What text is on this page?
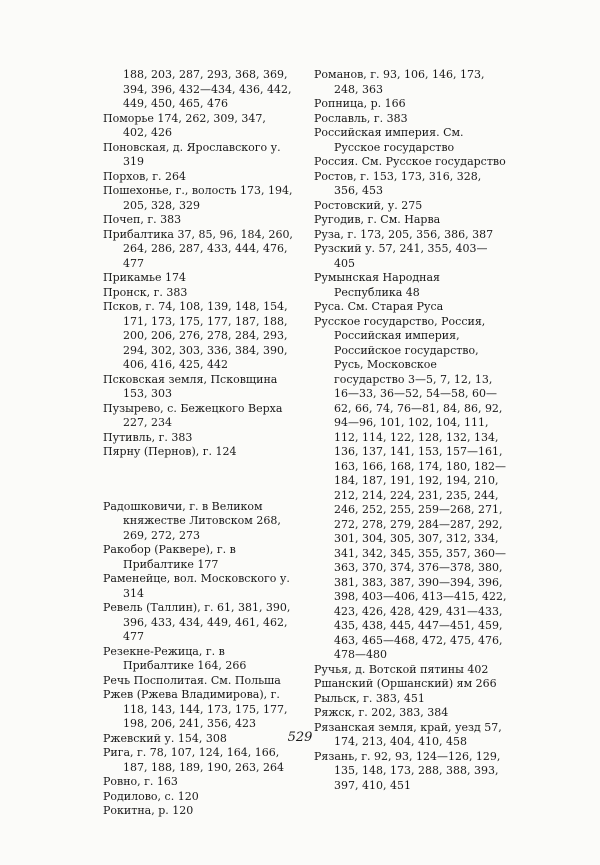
188, 203, 287, 293, 368, 369, 394, 396, 432—434, 436, 442, 449, 450, 465, 476

Поморье 174, 262, 309, 347, 402, 426

Поновская, д. Ярославского у. 319

Порхов, г. 264

Пошехонье, г., волость 173, 194, 205, 328, 329

Почеп, г. 383

Прибалтика 37, 85, 96, 184, 260, 264, 286, 287, 433, 444, 476, 477

Прикамье 174

Пронск, г. 383

Псков, г. 74, 108, 139, 148, 154, 171, 173, 175, 177, 187, 188, 200, 206, 276, 278, 284, 293, 294, 302, 303, 336, 384, 390, 406, 416, 425, 442

Псковская земля, Псковщина 153, 303

Пузырево, с. Бежецкого Верха 227, 234

Путивль, г. 383

Пярну (Пернов), г. 124

Радошковичи, г. в Великом княжестве Литовском 268, 269, 272, 273

Ракобор (Раквере), г. в Прибалтике 177

Раменейце, вол. Московского у. 314

Ревель (Таллин), г. 61, 381, 390, 396, 433, 434, 449, 461, 462, 477

Резекне-Режица, г. в Прибалтике 164, 266

Речь Посполитая. См. Польша

Ржев (Ржева Владимирова), г. 118, 143, 144, 173, 175, 177, 198, 206, 241, 356, 423

Ржевский у. 154, 308

Рига, г. 78, 107, 124, 164, 166, 187, 188, 189, 190, 263, 264

Ровно, г. 163

Родилово, с. 120

Рокитна, р. 120

Романов, г. 93, 106, 146, 173, 248, 363

Ропница, р. 166

Рославль, г. 383

Российская империя. См. Русское государство

Россия. См. Русское государство

Ростов, г. 153, 173, 316, 328, 356, 453

Ростовский, у. 275

Ругодив, г. См. Нарва

Руза, г. 173, 205, 356, 386, 387

Рузский у. 57, 241, 355, 403—405

Румынская Народная Республика 48

Руса. См. Старая Руса

Русское государство, Россия, Российская империя, Российское государство, Русь, Московское государство 3—5, 7, 12, 13, 16—33, 36—52, 54—58, 60—62, 66, 74, 76—81, 84, 86, 92, 94—96, 101, 102, 104, 111, 112, 114, 122, 128, 132, 134, 136, 137, 141, 153, 157—161, 163, 166, 168, 174, 180, 182—184, 187, 191, 192, 194, 210, 212, 214, 224, 231, 235, 244, 246, 252, 255, 259—268, 271, 272, 278, 279, 284—287, 292, 301, 304, 305, 307, 312, 334, 341, 342, 345, 355, 357, 360—363, 370, 374, 376—378, 380, 381, 383, 387, 390—394, 396, 398, 403—406, 413—415, 422, 423, 426, 428, 429, 431—433, 435, 438, 445, 447—451, 459, 463, 465—468, 472, 475, 476, 478—480

Ручья, д. Вотской пятины 402

Ршанский (Оршанский) ям 266

Рыльск, г. 383, 451

Ряжск, г. 202, 383, 384

Рязанская земля, край, уезд 57, 174, 213, 404, 410, 458

Рязань, г. 92, 93, 124—126, 129, 135, 148, 173, 288, 388, 393, 397, 410, 451

529
